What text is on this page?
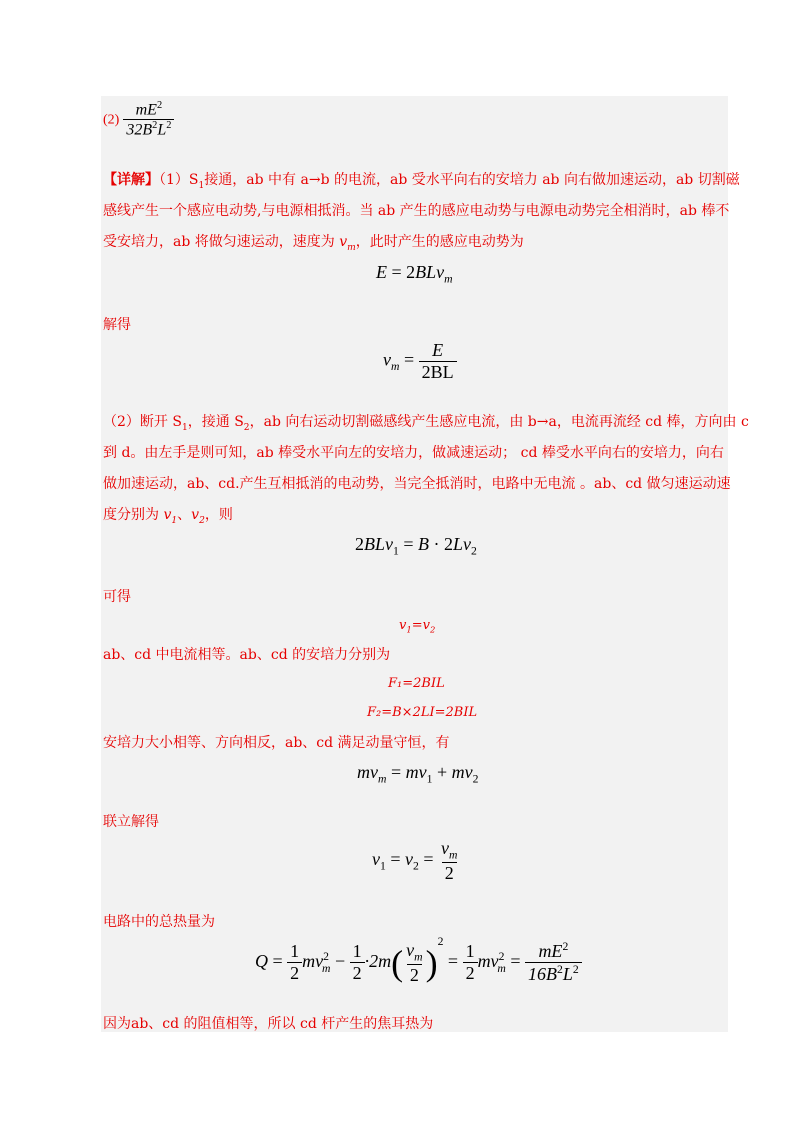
$(2) \frac{mE^2}{32B^2L^2}$
【详解】$(1)S_1$接通，ab 中有 a→b 的电流，ab 受水平向右的安培力 ab 向右做加速运动，ab 切割磁
感线产生一个感应电动势,与电源相抵消。当 ab 产生的感应电动势与电源电动势完全相消时，ab 棒不
受安培力，ab 将做匀速运动，速度为 $v_m$，此时产生的感应电动势为
E = 2BLv$_m$
解得
$v_m = \frac{E}{2BL}$
（2）断开 $S_1$，接通 $S_2$，ab 向右运动切割磁感线产生感应电流，由 b→a，电流再流经 cd 棒，方向由 c
到 d。由左手是则可知，ab 棒受水平向左的安培力，做减速运动； cd 棒受水平向右的安培力，向右
做加速运动，ab、cd.产生互相抵消的电动势，当完全抵消时，电路中无电流 。ab、cd 做匀速运动速
度分别为 $v_1$、$v_2$，则
$2BLv_1 = B \cdot 2Lv_2$
可得
$v_1=v_2$
ab、cd 中电流相等。ab、cd 的安培力分别为
F₁=2BIL
F₂=B×2LI=2BIL
安培力大小相等、方向相反，ab、cd 满足动量守恒，有
$mv_m = mv_1 + mv_2$
联立解得
$v_1 = v_2 = \frac{v_m}{2}$
电路中的总热量为
$Q = \frac{1}{2} mv^2_m - \frac{1}{2} \cdot 2m( \frac{v_m}{2} )^2 = \frac{1}{2} mv^2_m = \frac{mE^2}{16B^2L^2}$
因为ab、cd 的阻值相等，所以 cd 杆产生的焦耳热为
